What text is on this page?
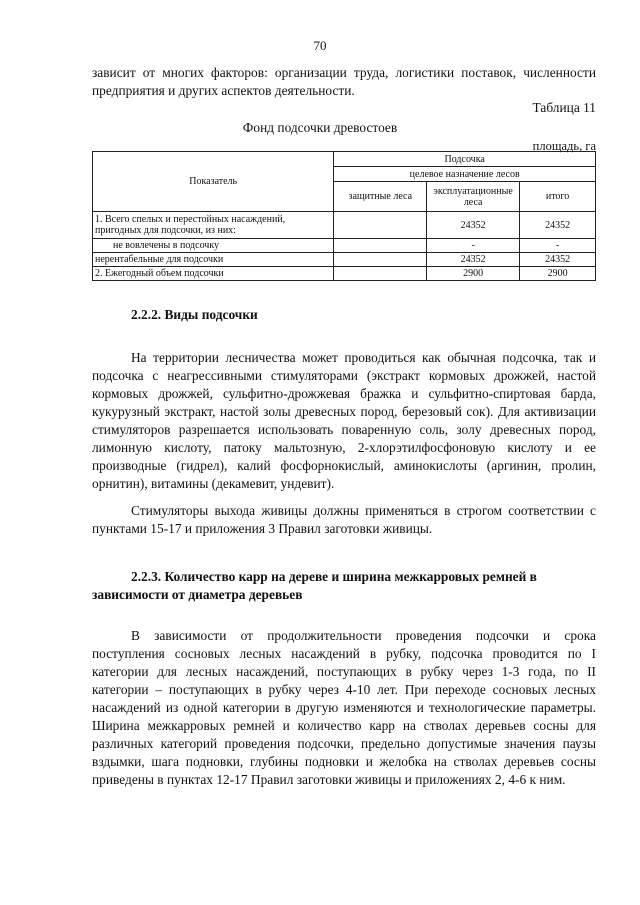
70
зависит от многих факторов: организации труда, логистики поставок, численности предприятия и других аспектов деятельности.
Таблица 11
Фонд подсочки древостоев
площадь, га
Показатель	Подсочка		
	целевое назначение лесов		
	защитные леса	эксплуатационные леса	итого
1. Всего спелых и перестойных насаждений, пригодных для подсочки, из них:		24352	24352
не вовлечены в подсочку		-	-
нерентабельные для подсочки		24352	24352
2. Ежегодный объем подсочки		2900	2900
2.2.2. Виды подсочки
На территории лесничества может проводиться как обычная подсочка, так и подсочка с неагрессивными стимуляторами (экстракт кормовых дрожжей, настой кормовых дрожжей, сульфитно-дрожжевая бражка и сульфитно-спиртовая барда, кукурузный экстракт, настой золы древесных пород, березовый сок). Для активизации стимуляторов разрешается использовать поваренную соль, золу древесных пород, лимонную кислоту, патоку мальтозную, 2-хлорэтилфосфоновую кислоту и ее производные (гидрел), калий фосфорнокислый, аминокислоты (аргинин, пролин, орнитин), витамины (декамевит, ундевит).
Стимуляторы выхода живицы должны применяться в строгом соответствии с пунктами 15-17 и приложения 3 Правил заготовки живицы.
2.2.3. Количество карр на дереве и ширина межкарровых ремней в зависимости от диаметра деревьев
В зависимости от продолжительности проведения подсочки и срока поступления сосновых лесных насаждений в рубку, подсочка проводится по I категории для лесных насаждений, поступающих в рубку через 1-3 года, по II категории – поступающих в рубку через 4-10 лет. При переходе сосновых лесных насаждений из одной категории в другую изменяются и технологические параметры. Ширина межкарровых ремней и количество карр на стволах деревьев сосны для различных категорий проведения подсочки, предельно допустимые значения паузы вздымки, шага подновки, глубины подновки и желобка на стволах деревьев сосны приведены в пунктах 12-17 Правил заготовки живицы и приложениях 2, 4-6 к ним.
